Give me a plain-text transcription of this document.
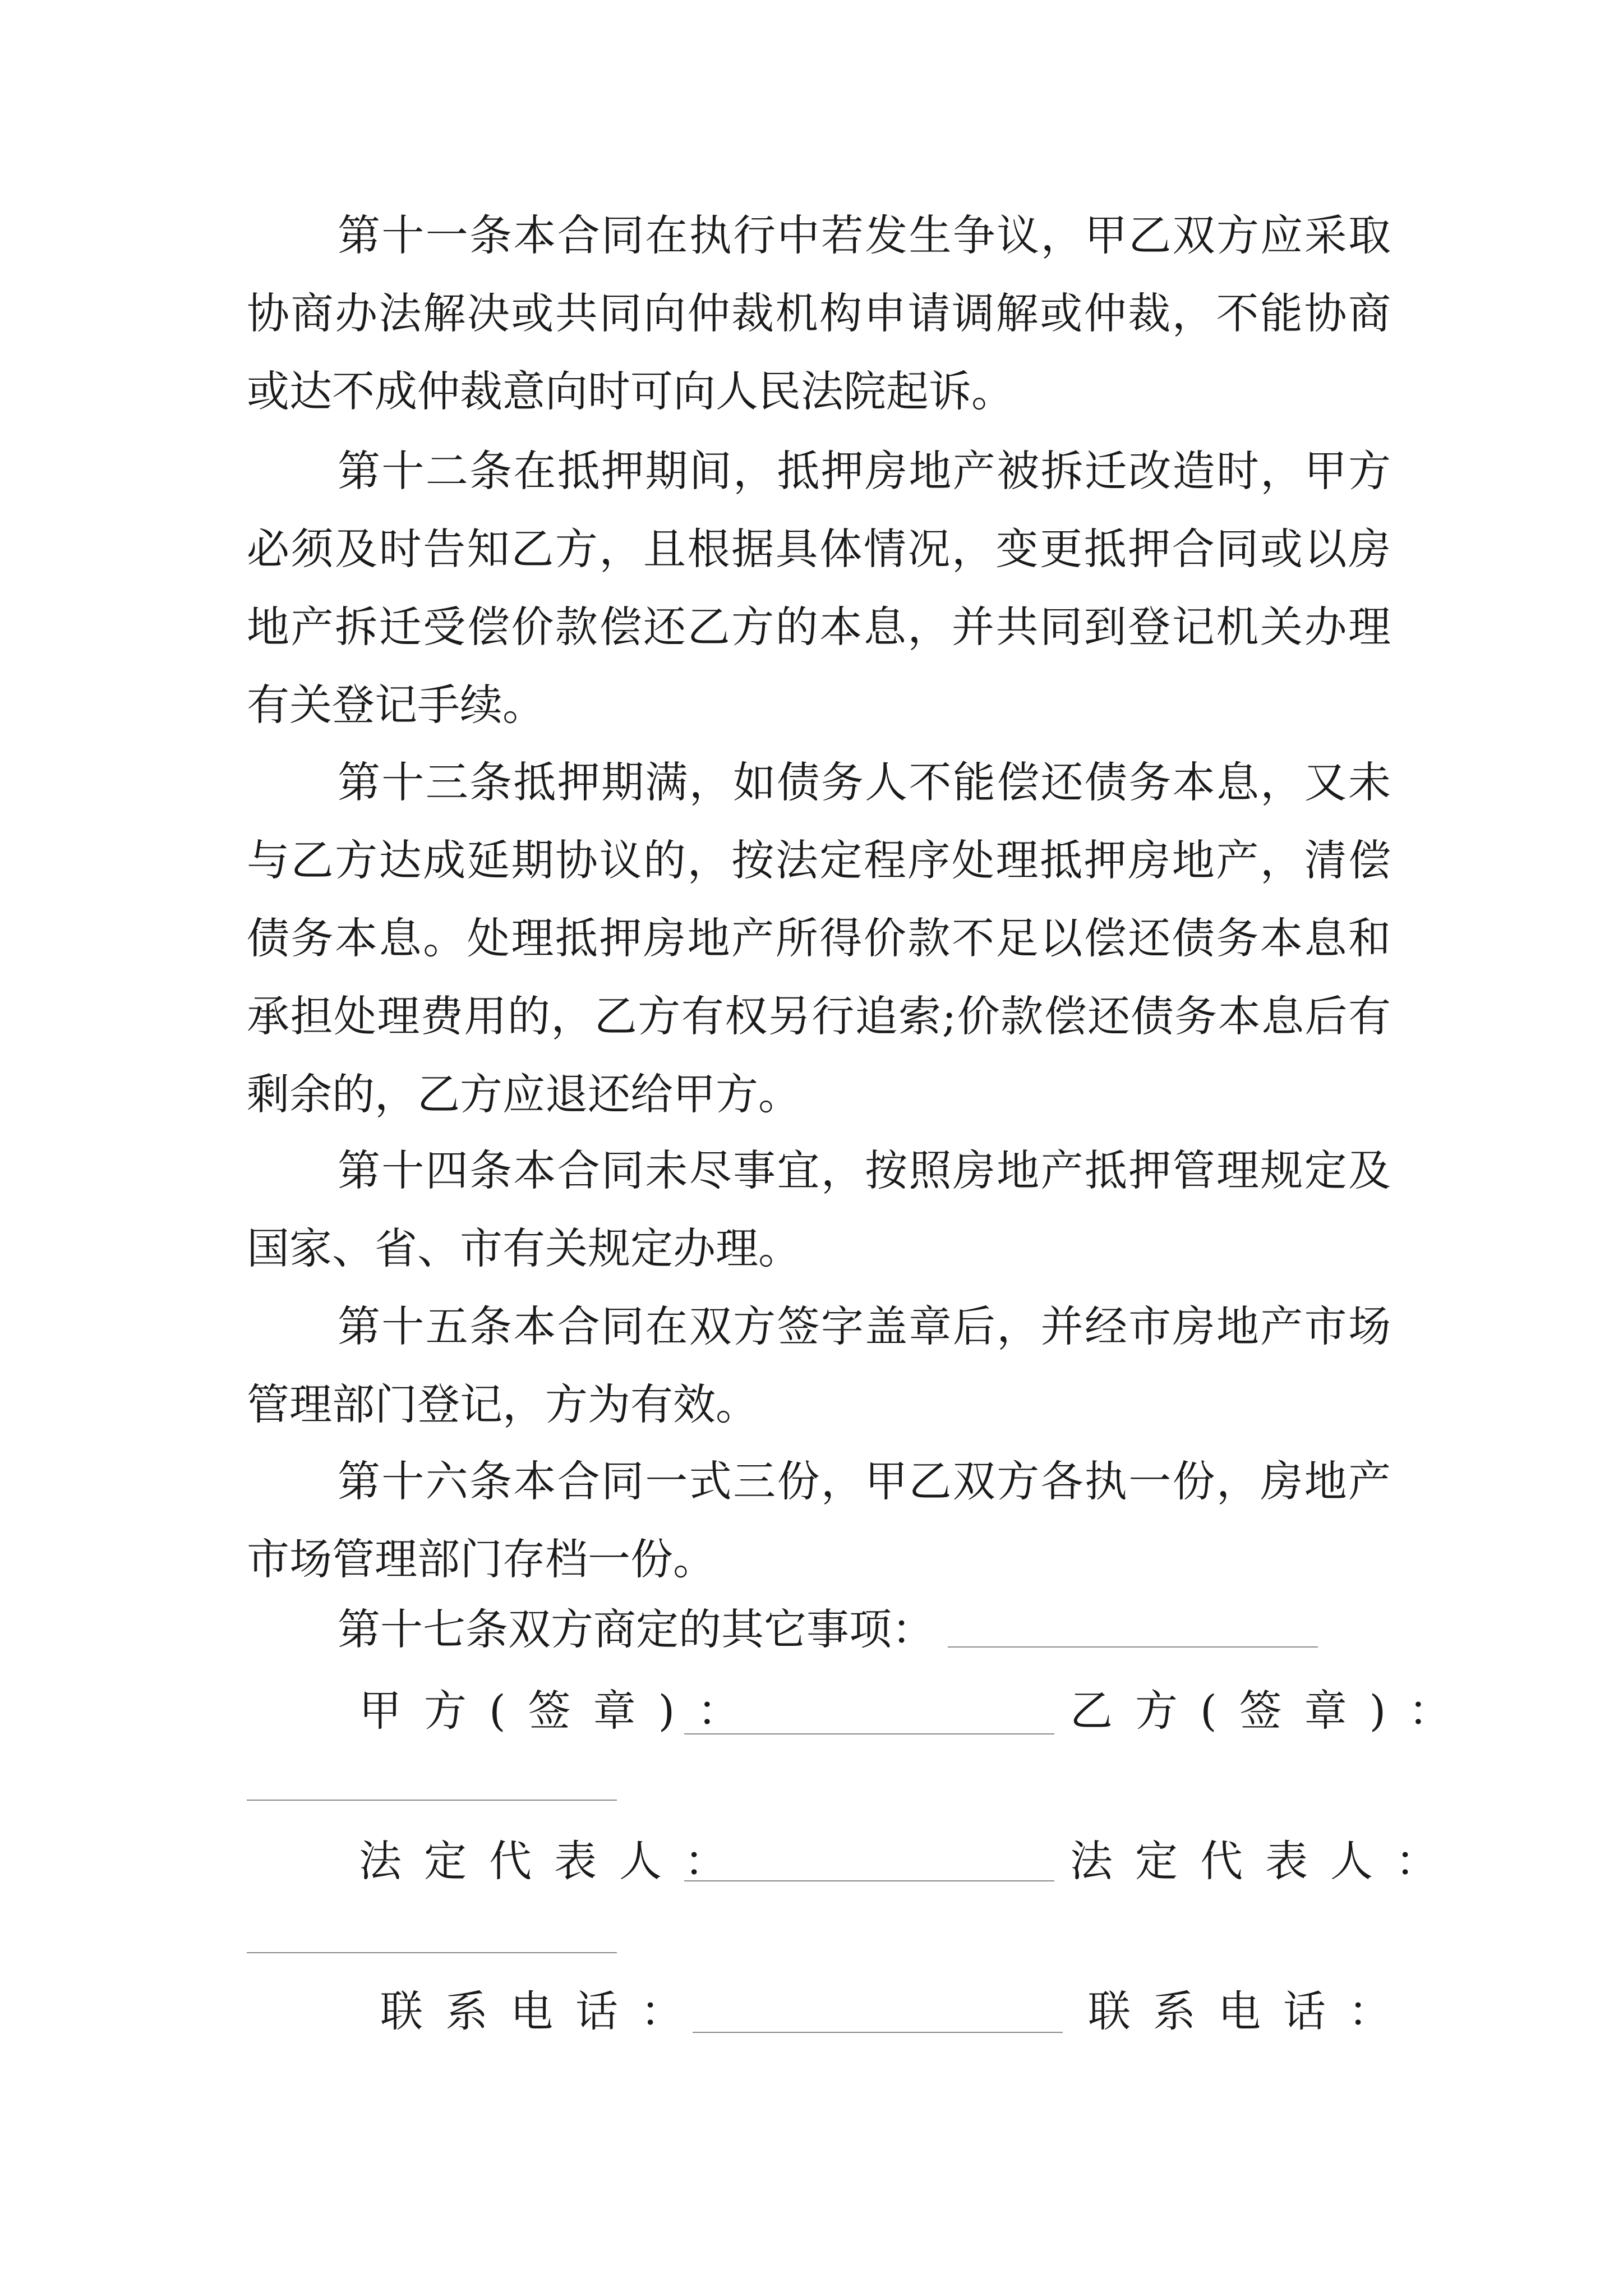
第十一条本合同在执行中若发生争议，甲乙双方应采取协商办法解决或共同向仲裁机构申请调解或仲裁，不能协商或达不成仲裁意向时可向人民法院起诉。

第十二条在抵押期间，抵押房地产被拆迁改造时，甲方必须及时告知乙方，且根据具体情况，变更抵押合同或以房地产拆迁受偿价款偿还乙方的本息，并共同到登记机关办理有关登记手续。

第十三条抵押期满，如债务人不能偿还债务本息，又未与乙方达成延期协议的，按法定程序处理抵押房地产，清偿债务本息。处理抵押房地产所得价款不足以偿还债务本息和承担处理费用的，乙方有权另行追索;价款偿还债务本息后有剩余的，乙方应退还给甲方。

第十四条本合同未尽事宜，按照房地产抵押管理规定及国家、省、市有关规定办理。

第十五条本合同在双方签字盖章后，并经市房地产市场管理部门登记，方为有效。

第十六条本合同一式三份，甲乙双方各执一份，房地产市场管理部门存档一份。

第十七条双方商定的其它事项：
甲方(签章)：	乙方(签章)：
法定代表人：	法定代表人：
联系电话：	联系电话：
